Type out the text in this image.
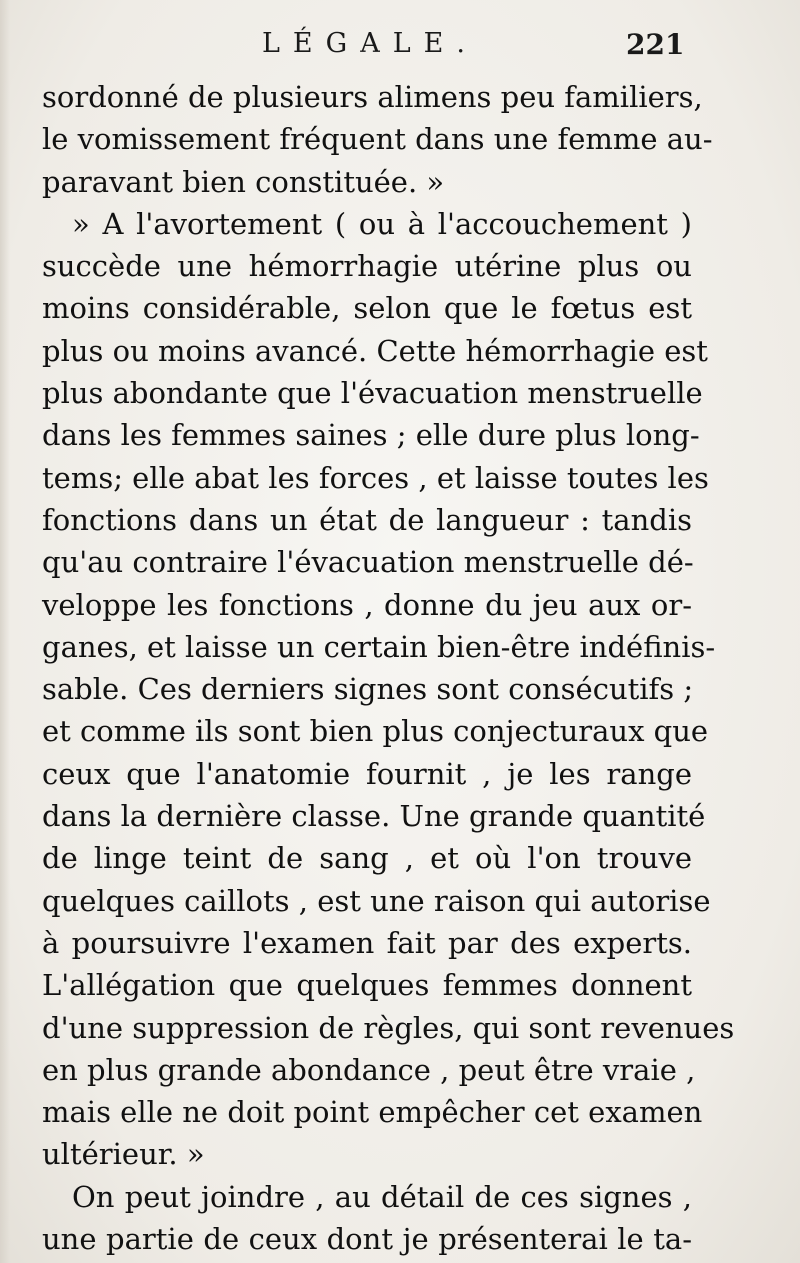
LÉGALE.	221
sordonné de plusieurs alimens peu familiers,
le vomissement fréquent dans une femme au-
paravant bien constituée. »
» A l'avortement ( ou à l'accouchement )
succède une hémorrhagie utérine plus ou
moins considérable, selon que le fœtus est
plus ou moins avancé. Cette hémorrhagie est
plus abondante que l'évacuation menstruelle
dans les femmes saines ; elle dure plus long-
tems; elle abat les forces , et laisse toutes les
fonctions dans un état de langueur : tandis
qu'au contraire l'évacuation menstruelle dé-
veloppe les fonctions , donne du jeu aux or-
ganes, et laisse un certain bien-être indéfinis-
sable. Ces derniers signes sont consécutifs ;
et comme ils sont bien plus conjecturaux que
ceux que l'anatomie fournit , je les range
dans la dernière classe. Une grande quantité
de linge teint de sang , et où l'on trouve
quelques caillots , est une raison qui autorise
à poursuivre l'examen fait par des experts.
L'allégation que quelques femmes donnent
d'une suppression de règles, qui sont revenues
en plus grande abondance , peut être vraie ,
mais elle ne doit point empêcher cet examen
ultérieur. »
On peut joindre , au détail de ces signes ,
une partie de ceux dont je présenterai le ta-
